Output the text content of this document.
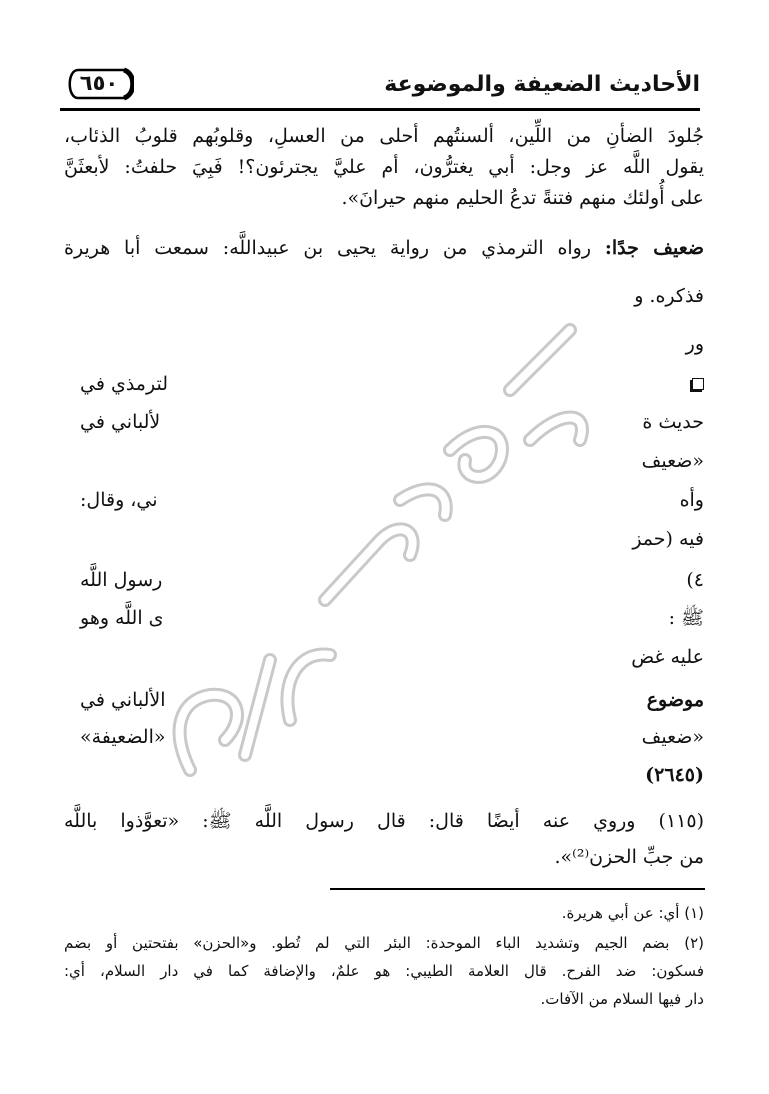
الأحاديث الضعيفة والموضوعة
٦٥٠
جُلودَ الضأنِ من اللِّين، ألسنتُهم أحلى من العسلِ، وقلوبُهم قلوبُ الذئاب،
يقول اللَّه عز وجل: أبي يغترُّون، أم عليَّ يجترئون؟! فَبِيَ حلفتُ: لأبعثَنَّ
على أُولئك منهم فتنةً تدعُ الحليم منهم حيرانَ».
ضعيف جدًا: رواه الترمذي من رواية يحيى بن عبيداللَّه: سمعت أبا هريرة
فذكره. و
ور
لترمذي في
حديث ة
لألباني في
«ضعيف
وأه
ني، وقال:
فيه (حمز
٤)
رسول اللَّه
ﷺ :
ى اللَّه وهو
عليه غض
موضوع
الألباني في
«ضعيف
«الضعيفة»
(٢٦٤٥)
(١١٥) وروي عنه أيضًا قال: قال رسول اللَّه ﷺ: «تعوَّذوا باللَّه
من جبِّ الحزن⁽²⁾».
(١) أي: عن أبي هريرة.
(٢) بضم الجيم وتشديد الباء الموحدة: البئر التي لم تُطو. و«الحزن» بفتحتين أو بضم
فسكون: ضد الفرح. قال العلامة الطيبي: هو علمٌ، والإضافة كما في دار السلام، أي:
دار فيها السلام من الآفات.
